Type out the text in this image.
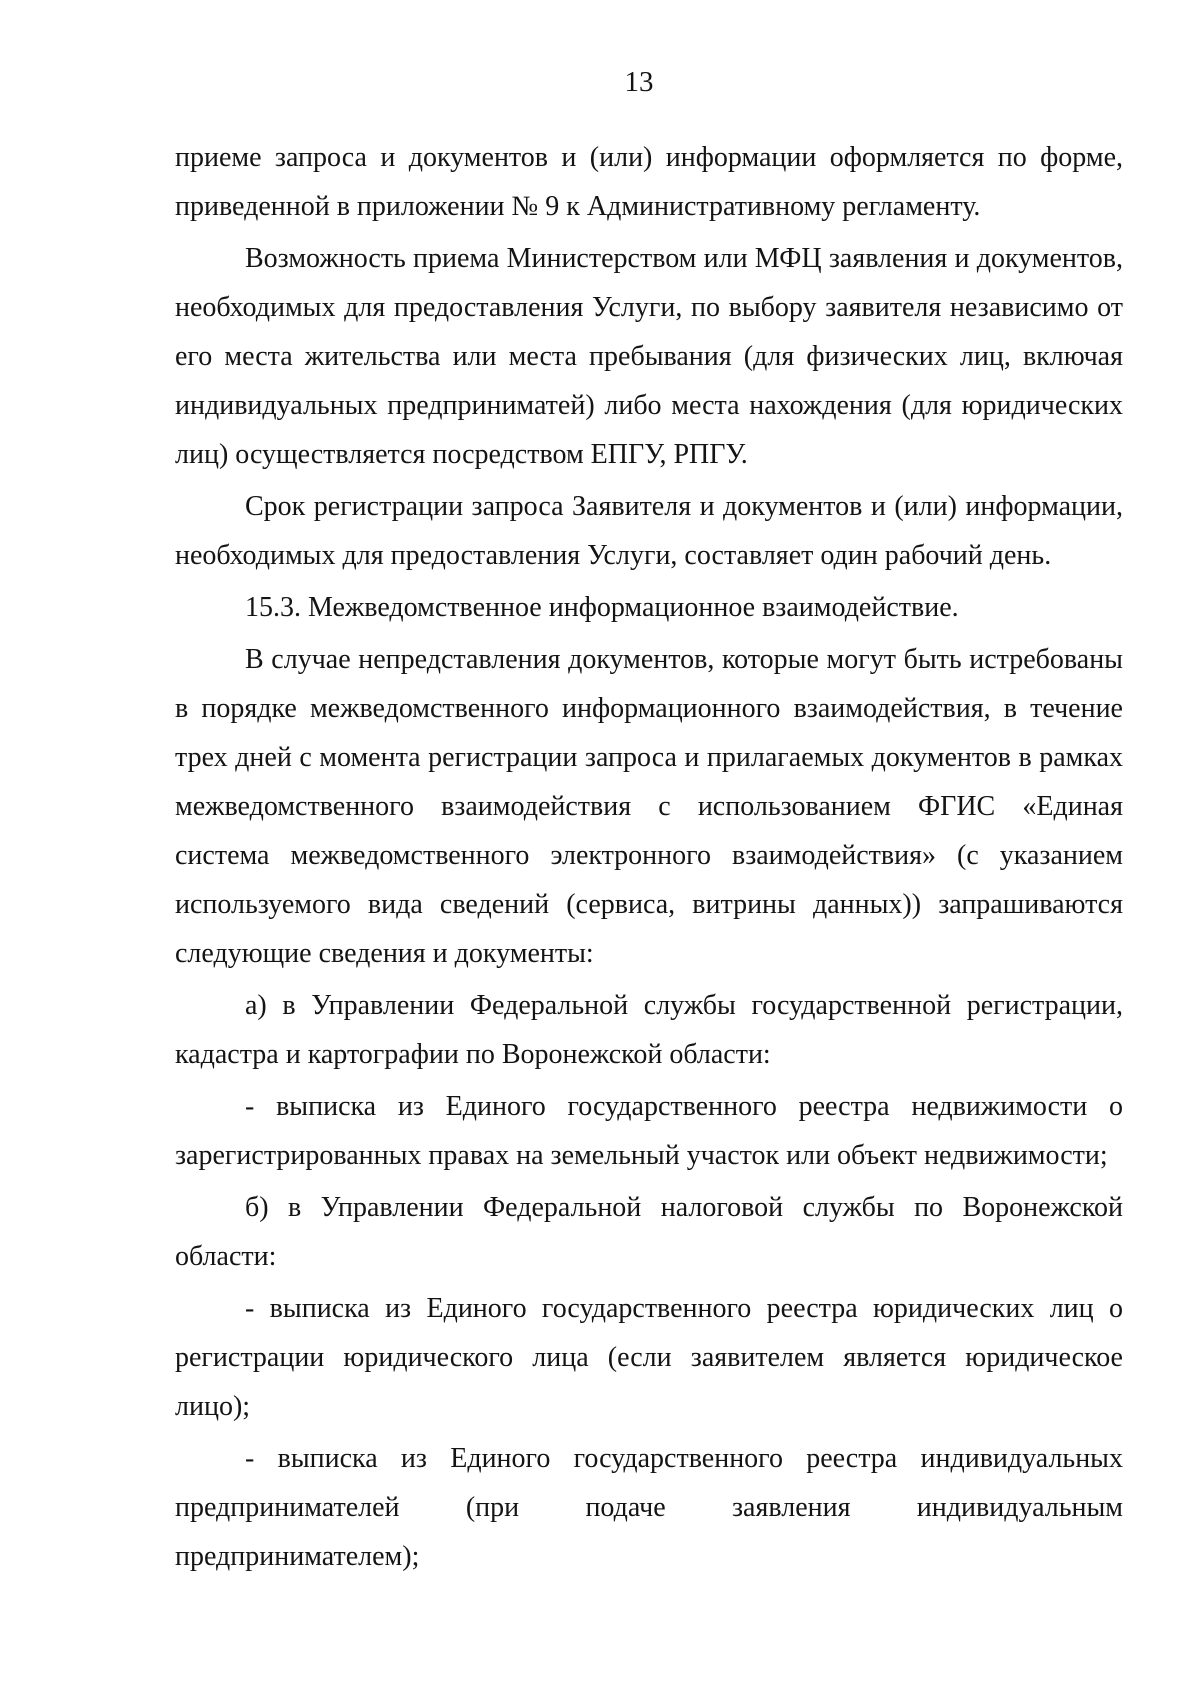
13

приеме запроса и документов и (или) информации оформляется по форме, приведенной в приложении № 9 к Административному регламенту.

Возможность приема Министерством или МФЦ заявления и документов, необходимых для предоставления Услуги, по выбору заявителя независимо от его места жительства или места пребывания (для физических лиц, включая индивидуальных предприниматей) либо места нахождения (для юридических лиц) осуществляется посредством ЕПГУ, РПГУ.

Срок регистрации запроса Заявителя и документов и (или) информации, необходимых для предоставления Услуги, составляет один рабочий день.

15.3. Межведомственное информационное взаимодействие.

В случае непредставления документов, которые могут быть истребованы в порядке межведомственного информационного взаимодействия, в течение трех дней с момента регистрации запроса и прилагаемых документов в рамках межведомственного взаимодействия с использованием ФГИС «Единая система межведомственного электронного взаимодействия» (с указанием используемого вида сведений (сервиса, витрины данных)) запрашиваются следующие сведения и документы:

а) в Управлении Федеральной службы государственной регистрации, кадастра и картографии по Воронежской области:

- выписка из Единого государственного реестра недвижимости о зарегистрированных правах на земельный участок или объект недвижимости;

б) в Управлении Федеральной налоговой службы по Воронежской области:

- выписка из Единого государственного реестра юридических лиц о регистрации юридического лица (если заявителем является юридическое лицо);

- выписка из Единого государственного реестра индивидуальных предпринимателей (при подаче заявления индивидуальным предпринимателем);
